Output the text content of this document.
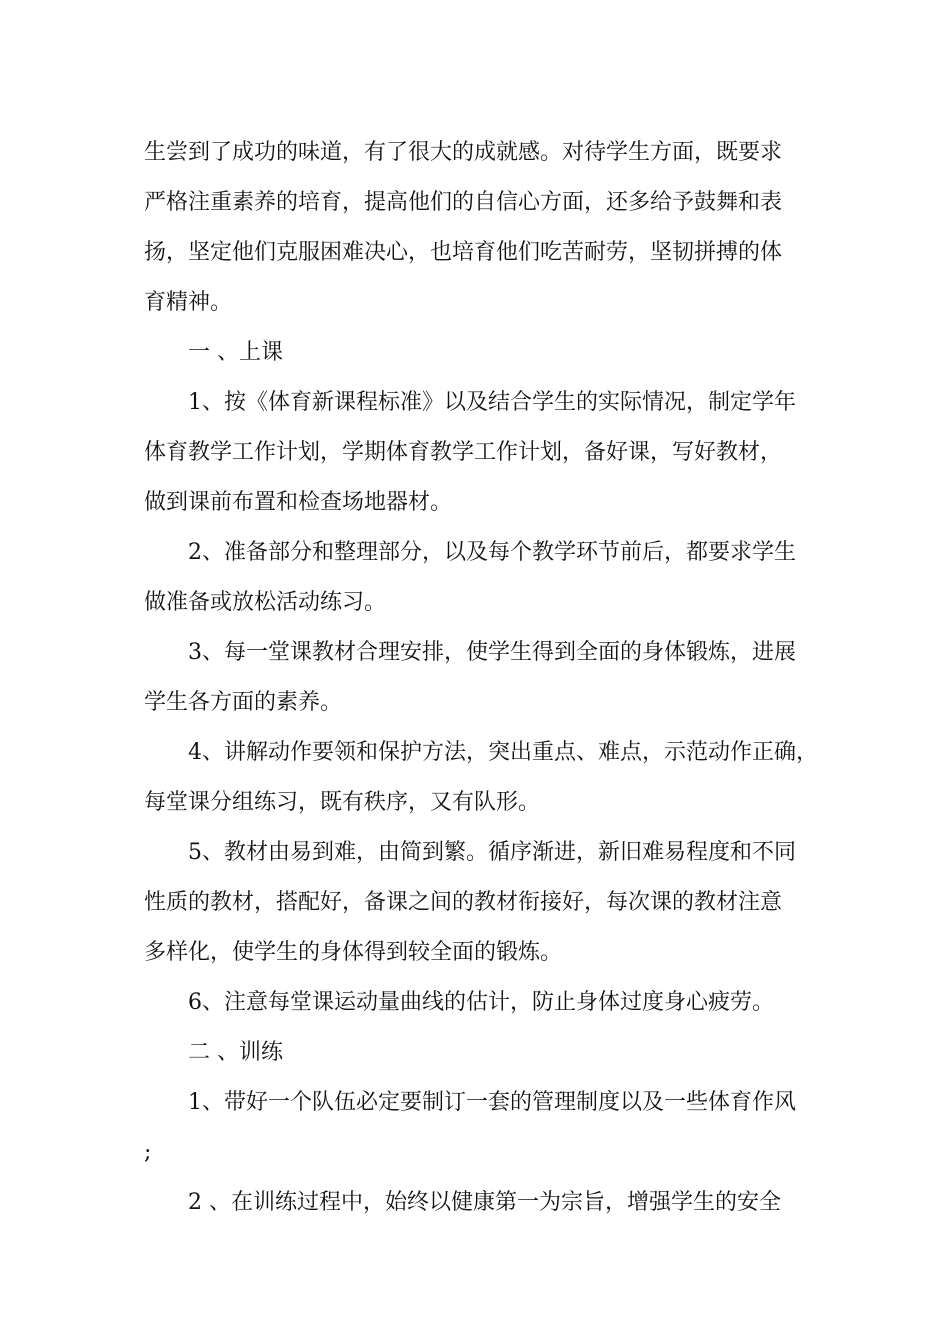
生尝到了成功的味道，有了很大的成就感。对待学生方面，既要求
严格注重素养的培育，提高他们的自信心方面，还多给予鼓舞和表
扬，坚定他们克服困难决心，也培育他们吃苦耐劳，坚韧拼搏的体
育精神。
一 、上课
1、按《体育新课程标准》以及结合学生的实际情况，制定学年
体育教学工作计划，学期体育教学工作计划，备好课，写好教材，
做到课前布置和检查场地器材。
2、准备部分和整理部分，以及每个教学环节前后，都要求学生
做准备或放松活动练习。
3、每一堂课教材合理安排，使学生得到全面的身体锻炼，进展
学生各方面的素养。
4、讲解动作要领和保护方法，突出重点、难点，示范动作正确，
每堂课分组练习，既有秩序，又有队形。
5、教材由易到难，由简到繁。循序渐进，新旧难易程度和不同
性质的教材，搭配好，备课之间的教材衔接好，每次课的教材注意
多样化，使学生的身体得到较全面的锻炼。
6、注意每堂课运动量曲线的估计，防止身体过度身心疲劳。
二 、训练
1、带好一个队伍必定要制订一套的管理制度以及一些体育作风
;
2 、在训练过程中，始终以健康第一为宗旨，增强学生的安全
